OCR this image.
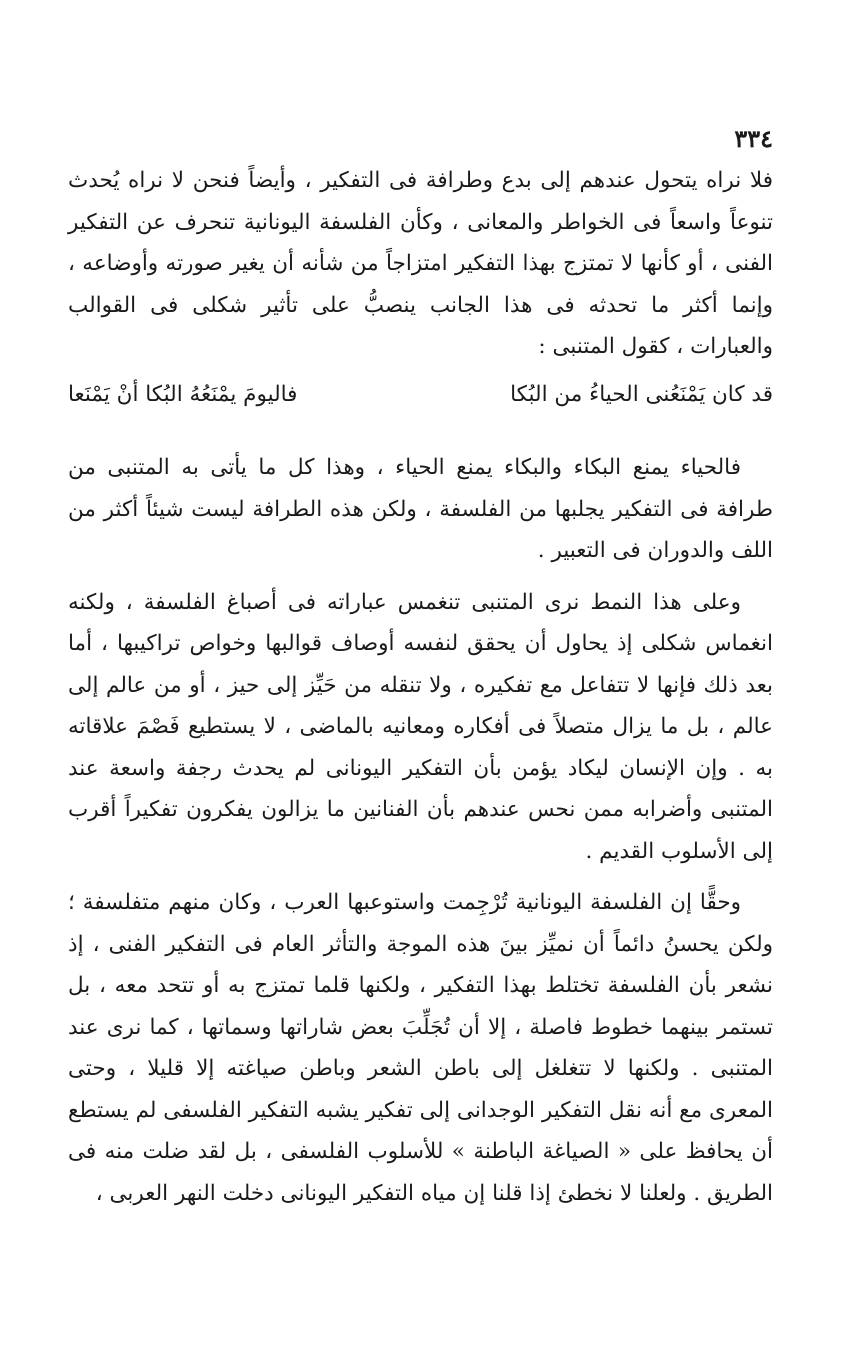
٣٣٤

فلا نراه يتحول عندهم إلى بدع وطرافة فى التفكير ، وأيضاً فنحن لا نراه يُحدث تنوعاً واسعاً فى الخواطر والمعانى ، وكأن الفلسفة اليونانية تنحرف عن التفكير الفنى ، أو كأنها لا تمتزج بهذا التفكير امتزاجاً من شأنه أن يغير صورته وأوضاعه ، وإنما أكثر ما تحدثه فى هذا الجانب ينصبُّ على تأثير شكلى فى القوالب والعبارات ، كقول المتنبى :

قد كان يَمْنَعُنى الحياءُ من البُكا
فاليومَ يمْنَعُهُ البُكا أنْ يَمْنَعا

فالحياء يمنع البكاء والبكاء يمنع الحياء ، وهذا كل ما يأتى به المتنبى من طرافة فى التفكير يجلبها من الفلسفة ، ولكن هذه الطرافة ليست شيئاً أكثر من اللف والدوران فى التعبير .

وعلى هذا النمط نرى المتنبى تنغمس عباراته فى أصباغ الفلسفة ، ولكنه انغماس شكلى إذ يحاول أن يحقق لنفسه أوصاف قوالبها وخواص تراكيبها ، أما بعد ذلك فإنها لا تتفاعل مع تفكيره ، ولا تنقله من حَيِّز إلى حيز ، أو من عالم إلى عالم ، بل ما يزال متصلاً فى أفكاره ومعانيه بالماضى ، لا يستطيع فَصْمَ علاقاته به . وإن الإنسان ليكاد يؤمن بأن التفكير اليونانى لم يحدث رجفة واسعة عند المتنبى وأضرابه ممن نحس عندهم بأن الفنانين ما يزالون يفكرون تفكيراً أقرب إلى الأسلوب القديم .

وحقًّا إن الفلسفة اليونانية تُرْجِمت واستوعبها العرب ، وكان منهم متفلسفة ؛ ولكن يحسنُ دائماً أن نميِّز بينَ هذه الموجة والتأثر العام فى التفكير الفنى ، إذ نشعر بأن الفلسفة تختلط بهذا التفكير ، ولكنها قلما تمتزج به أو تتحد معه ، بل تستمر بينهما خطوط فاصلة ، إلا أن تُجَلِّبَ بعض شاراتها وسماتها ، كما نرى عند المتنبى . ولكنها لا تتغلغل إلى باطن الشعر وباطن صياغته إلا قليلا ، وحتى المعرى مع أنه نقل التفكير الوجدانى إلى تفكير يشبه التفكير الفلسفى لم يستطع أن يحافظ على « الصياغة الباطنة » للأسلوب الفلسفى ، بل لقد ضلت منه فى الطريق . ولعلنا لا نخطئ إذا قلنا إن مياه التفكير اليونانى دخلت النهر العربى ،
